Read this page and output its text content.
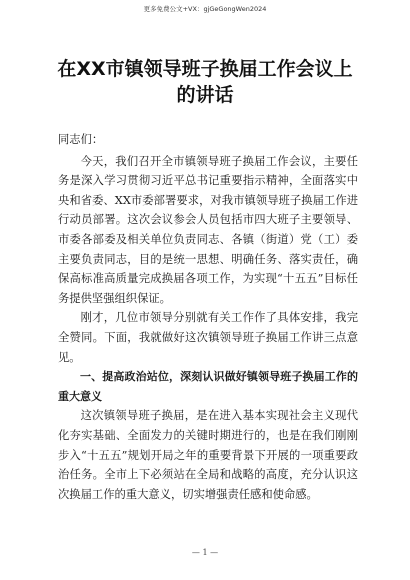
更多免费公文+VX：gjGeGongWen2024
在XX市镇领导班子换届工作会议上的讲话

同志们：

今天，我们召开全市镇领导班子换届工作会议，主要任务是深入学习贯彻习近平总书记重要指示精神，全面落实中央和省委、XX市委部署要求，对我市镇领导班子换届工作进行动员部署。这次会议参会人员包括市四大班子主要领导、市委各部委及相关单位负责同志、各镇（街道）党（工）委主要负责同志，目的是统一思想、明确任务、落实责任，确保高标准高质量完成换届各项工作，为实现“十五五”目标任务提供坚强组织保证。

刚才，几位市领导分别就有关工作作了具体安排，我完全赞同。下面，我就做好这次镇领导班子换届工作讲三点意见。

一、提高政治站位，深刻认识做好镇领导班子换届工作的重大意义

这次镇领导班子换届，是在进入基本实现社会主义现代化夯实基础、全面发力的关键时期进行的，也是在我们刚刚步入“十五五”规划开局之年的重要背景下开展的一项重要政治任务。全市上下必须站在全局和战略的高度，充分认识这次换届工作的重大意义，切实增强责任感和使命感。

— 1 —
